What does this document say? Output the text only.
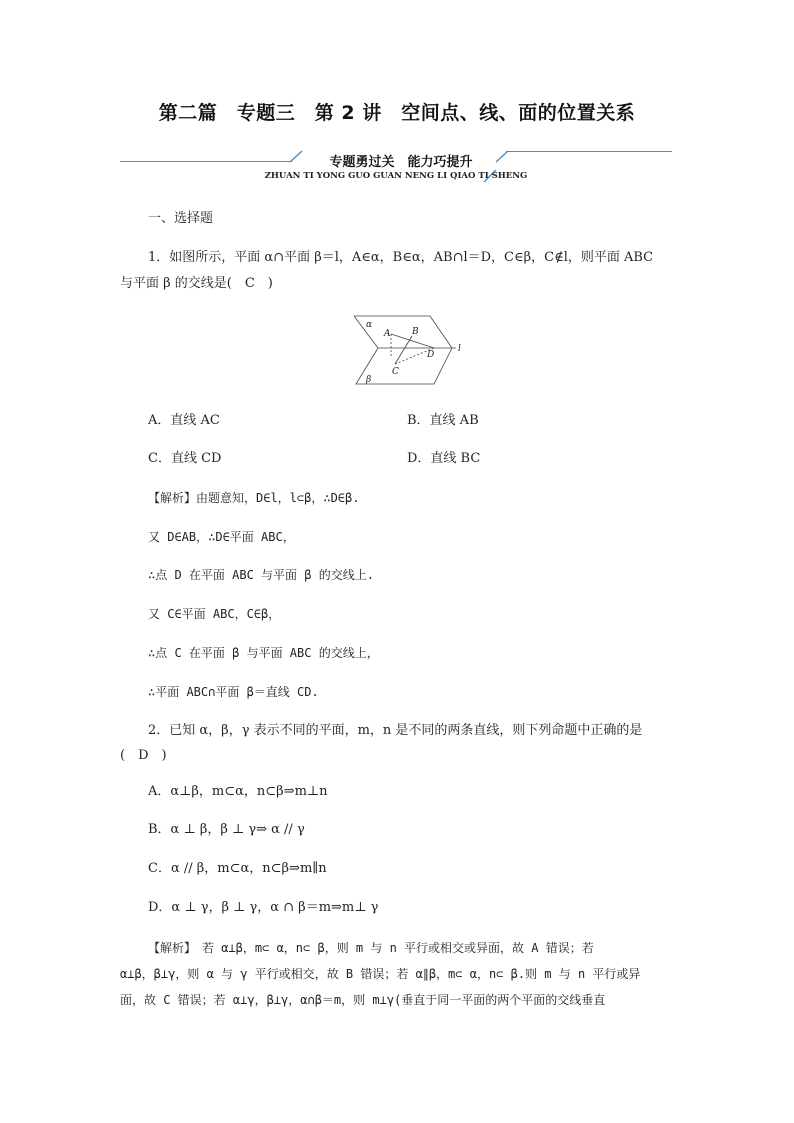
第二篇　专题三　第 2 讲　空间点、线、面的位置关系
专题勇过关　能力巧提升
ZHUAN TI YONG GUO GUAN NENG LI QIAO TI SHENG
一、选择题
1．如图所示，平面 α∩平面 β＝l，A∈α，B∈α，AB∩l＝D，C∈β，C∉l，则平面 ABC
与平面 β 的交线是(　C　)
α
A B
D
l
C
β
A．直线 AC	B．直线 AB
C．直线 CD	D．直线 BC
【解析】由题意知，D∈l，l⊂β，∴D∈β.
又 D∈AB，∴D∈平面 ABC，
∴点 D 在平面 ABC 与平面 β 的交线上.
又 C∈平面 ABC，C∈β，
∴点 C 在平面 β 与平面 ABC 的交线上，
∴平面 ABC∩平面 β＝直线 CD.
2．已知 α，β，γ 表示不同的平面，m，n 是不同的两条直线，则下列命题中正确的是
(　D　)
A．α⊥β，m⊂α，n⊂β⇒m⊥n
B．α ⊥ β，β ⊥ γ⇒ α // γ
C．α // β，m⊂α，n⊂β⇒m∥n
D．α ⊥ γ，β ⊥ γ，α ∩ β＝m⇒m⊥ γ
【解析】　若 α⊥β，m⊂ α，n⊂ β，则 m 与 n 平行或相交或异面，故 A 错误；若
α⊥β，β⊥γ，则 α 与 γ 平行或相交，故 B 错误；若 α∥β，m⊂ α，n⊂ β.则 m 与 n 平行或异
面，故 C 错误；若 α⊥γ，β⊥γ，α∩β＝m，则 m⊥γ(垂直于同一平面的两个平面的交线垂直
